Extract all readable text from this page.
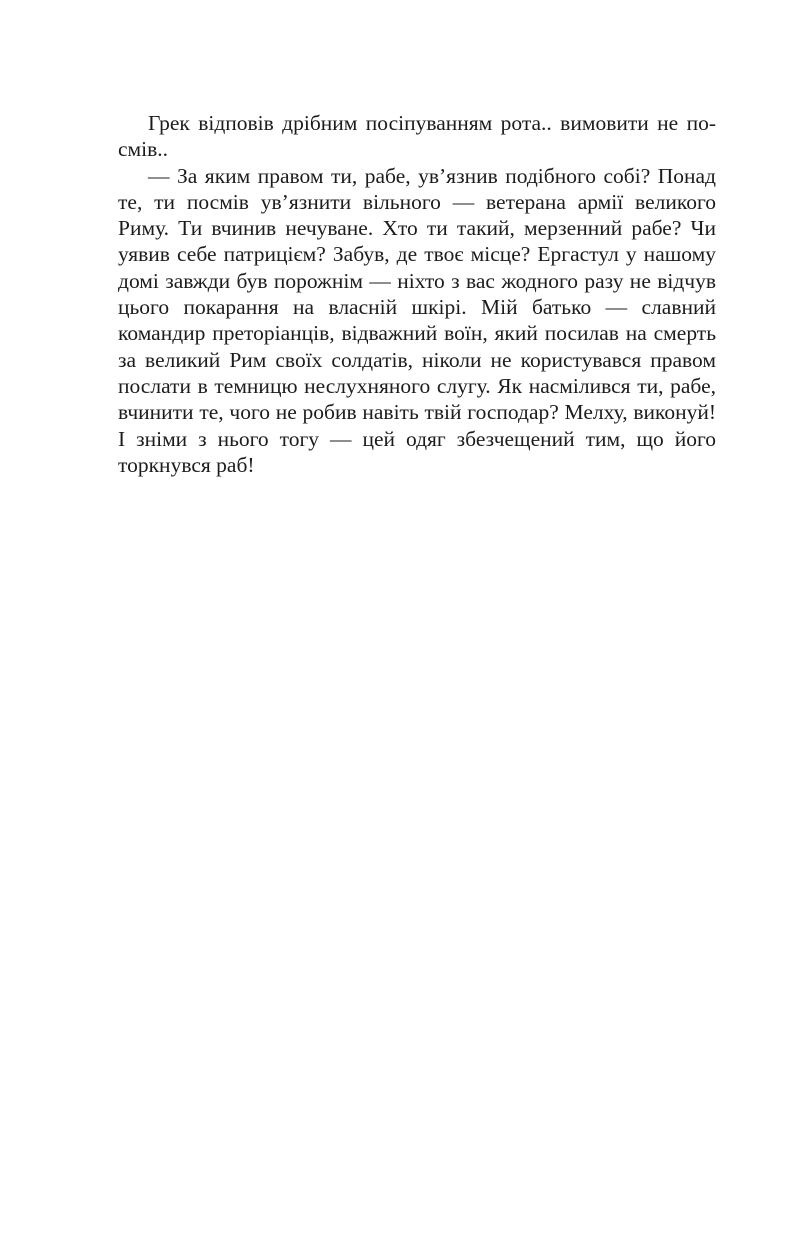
Грек відповів дрібним посіпуванням рота.. вимовити не посмів..

— За яким правом ти, рабе, ув’язнив подібного собі? Понад те, ти посмів ув’язнити вільного — ветерана армії великого Риму. Ти вчинив нечуване. Хто ти такий, мерзенний рабе? Чи уявив себе патрицієм? Забув, де твоє місце? Ергастул у нашому домі завжди був порожнім — ніхто з вас жодного разу не відчув цього покарання на власній шкірі. Мій батько — славний командир преторіанців, відважний воїн, який посилав на смерть за великий Рим своїх солдатів, ніколи не користувався правом послати в темницю неслухняного слугу. Як насмілився ти, рабе, вчинити те, чого не робив навіть твій господар? Мелху, виконуй! І зніми з нього тогу — цей одяг збезчещений тим, що його торкнувся раб!
